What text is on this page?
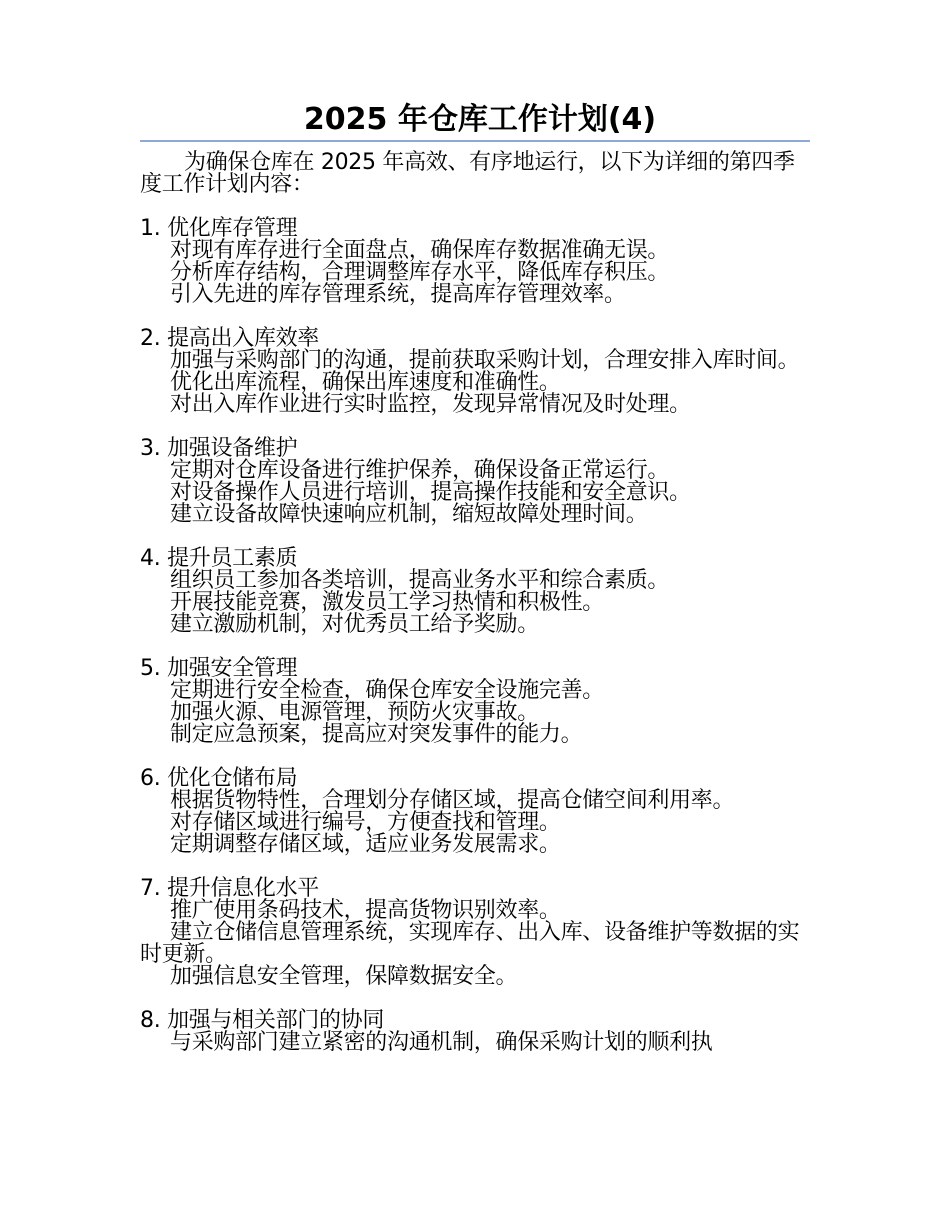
2025 年仓库工作计划(4)

为确保仓库在 2025 年高效、有序地运行，以下为详细的第四季度工作计划内容：

1. 优化库存管理

对现有库存进行全面盘点，确保库存数据准确无误。

分析库存结构，合理调整库存水平，降低库存积压。

引入先进的库存管理系统，提高库存管理效率。

2. 提高出入库效率

加强与采购部门的沟通，提前获取采购计划，合理安排入库时间。

优化出库流程，确保出库速度和准确性。

对出入库作业进行实时监控，发现异常情况及时处理。

3. 加强设备维护

定期对仓库设备进行维护保养，确保设备正常运行。

对设备操作人员进行培训，提高操作技能和安全意识。

建立设备故障快速响应机制，缩短故障处理时间。

4. 提升员工素质

组织员工参加各类培训，提高业务水平和综合素质。

开展技能竞赛，激发员工学习热情和积极性。

建立激励机制，对优秀员工给予奖励。

5. 加强安全管理

定期进行安全检查，确保仓库安全设施完善。

加强火源、电源管理，预防火灾事故。

制定应急预案，提高应对突发事件的能力。

6. 优化仓储布局

根据货物特性，合理划分存储区域，提高仓储空间利用率。

对存储区域进行编号，方便查找和管理。

定期调整存储区域，适应业务发展需求。

7. 提升信息化水平

推广使用条码技术，提高货物识别效率。

建立仓储信息管理系统，实现库存、出入库、设备维护等数据的实时更新。

加强信息安全管理，保障数据安全。

8. 加强与相关部门的协同

与采购部门建立紧密的沟通机制，确保采购计划的顺利执
